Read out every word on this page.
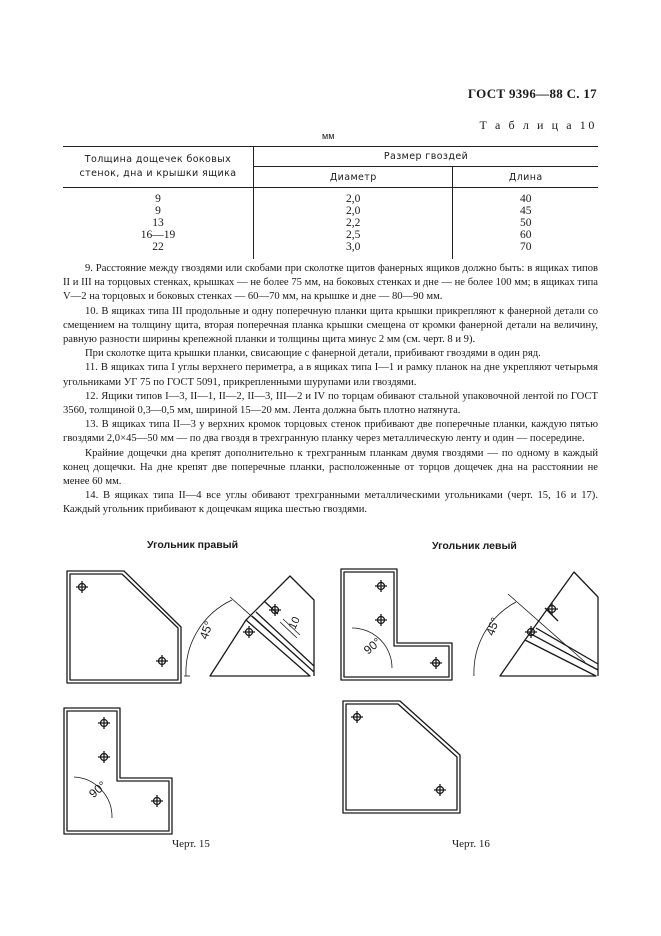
ГОСТ 9396—88 С. 17
Т а б л и ц а 10
мм
Толщина дощечек боковых стенок, дна и крышки ящика	Размер гвоздей	
	Диаметр	Длина
9	2,0	40
9	2,0	45
13	2,2	50
16—19	2,5	60
22	3,0	70

9. Расстояние между гвоздями или скобами при сколотке щитов фанерных ящиков должно быть: в ящиках типов II и III на торцовых стенках, крышках — не более 75 мм, на боковых стенках и дне — не более 100 мм; в ящиках типа V—2 на торцовых и боковых стенках — 60—70 мм, на крышке и дне — 80—90 мм.

10. В ящиках типа III продольные и одну поперечную планки щита крышки прикрепляют к фанерной детали со смещением на толщину щита, вторая поперечная планка крышки смещена от кромки фанерной детали на величину, равную разности ширины крепежной планки и толщины щита минус 2 мм (см. черт. 8 и 9).

При сколотке щита крышки планки, свисающие с фанерной детали, прибивают гвоздями в один ряд.

11. В ящиках типа I углы верхнего периметра, а в ящиках типа I—1 и рамку планок на дне укрепляют четырьмя угольниками УГ 75 по ГОСТ 5091, прикрепленными шурупами или гвоздями.

12. Ящики типов I—3, II—1, II—2, II—3, III—2 и IV по торцам обивают стальной упаковочной лентой по ГОСТ 3560, толщиной 0,3—0,5 мм, шириной 15—20 мм. Лента должна быть плотно натянута.

13. В ящиках типа II—3 у верхних кромок торцовых стенок прибивают две поперечные планки, каждую пятью гвоздями 2,0×45—50 мм — по два гвоздя в трехгранную планку через металлическую ленту и один — посередине.

Крайние дощечки дна крепят дополнительно к трехгранным планкам двумя гвоздями — по одному в каждый конец дощечки. На дне крепят две поперечные планки, расположенные от торцов дощечек дна на расстоянии не менее 60 мм.

14. В ящиках типа II—4 все углы обивают трехгранными металлическими угольниками (черт. 15, 16 и 17). Каждый угольник прибивают к дощечкам ящика шестью гвоздями.

Угольник правый	Угольник левый
45°	10
90°
45°
90°
Черт. 15	Черт. 16
